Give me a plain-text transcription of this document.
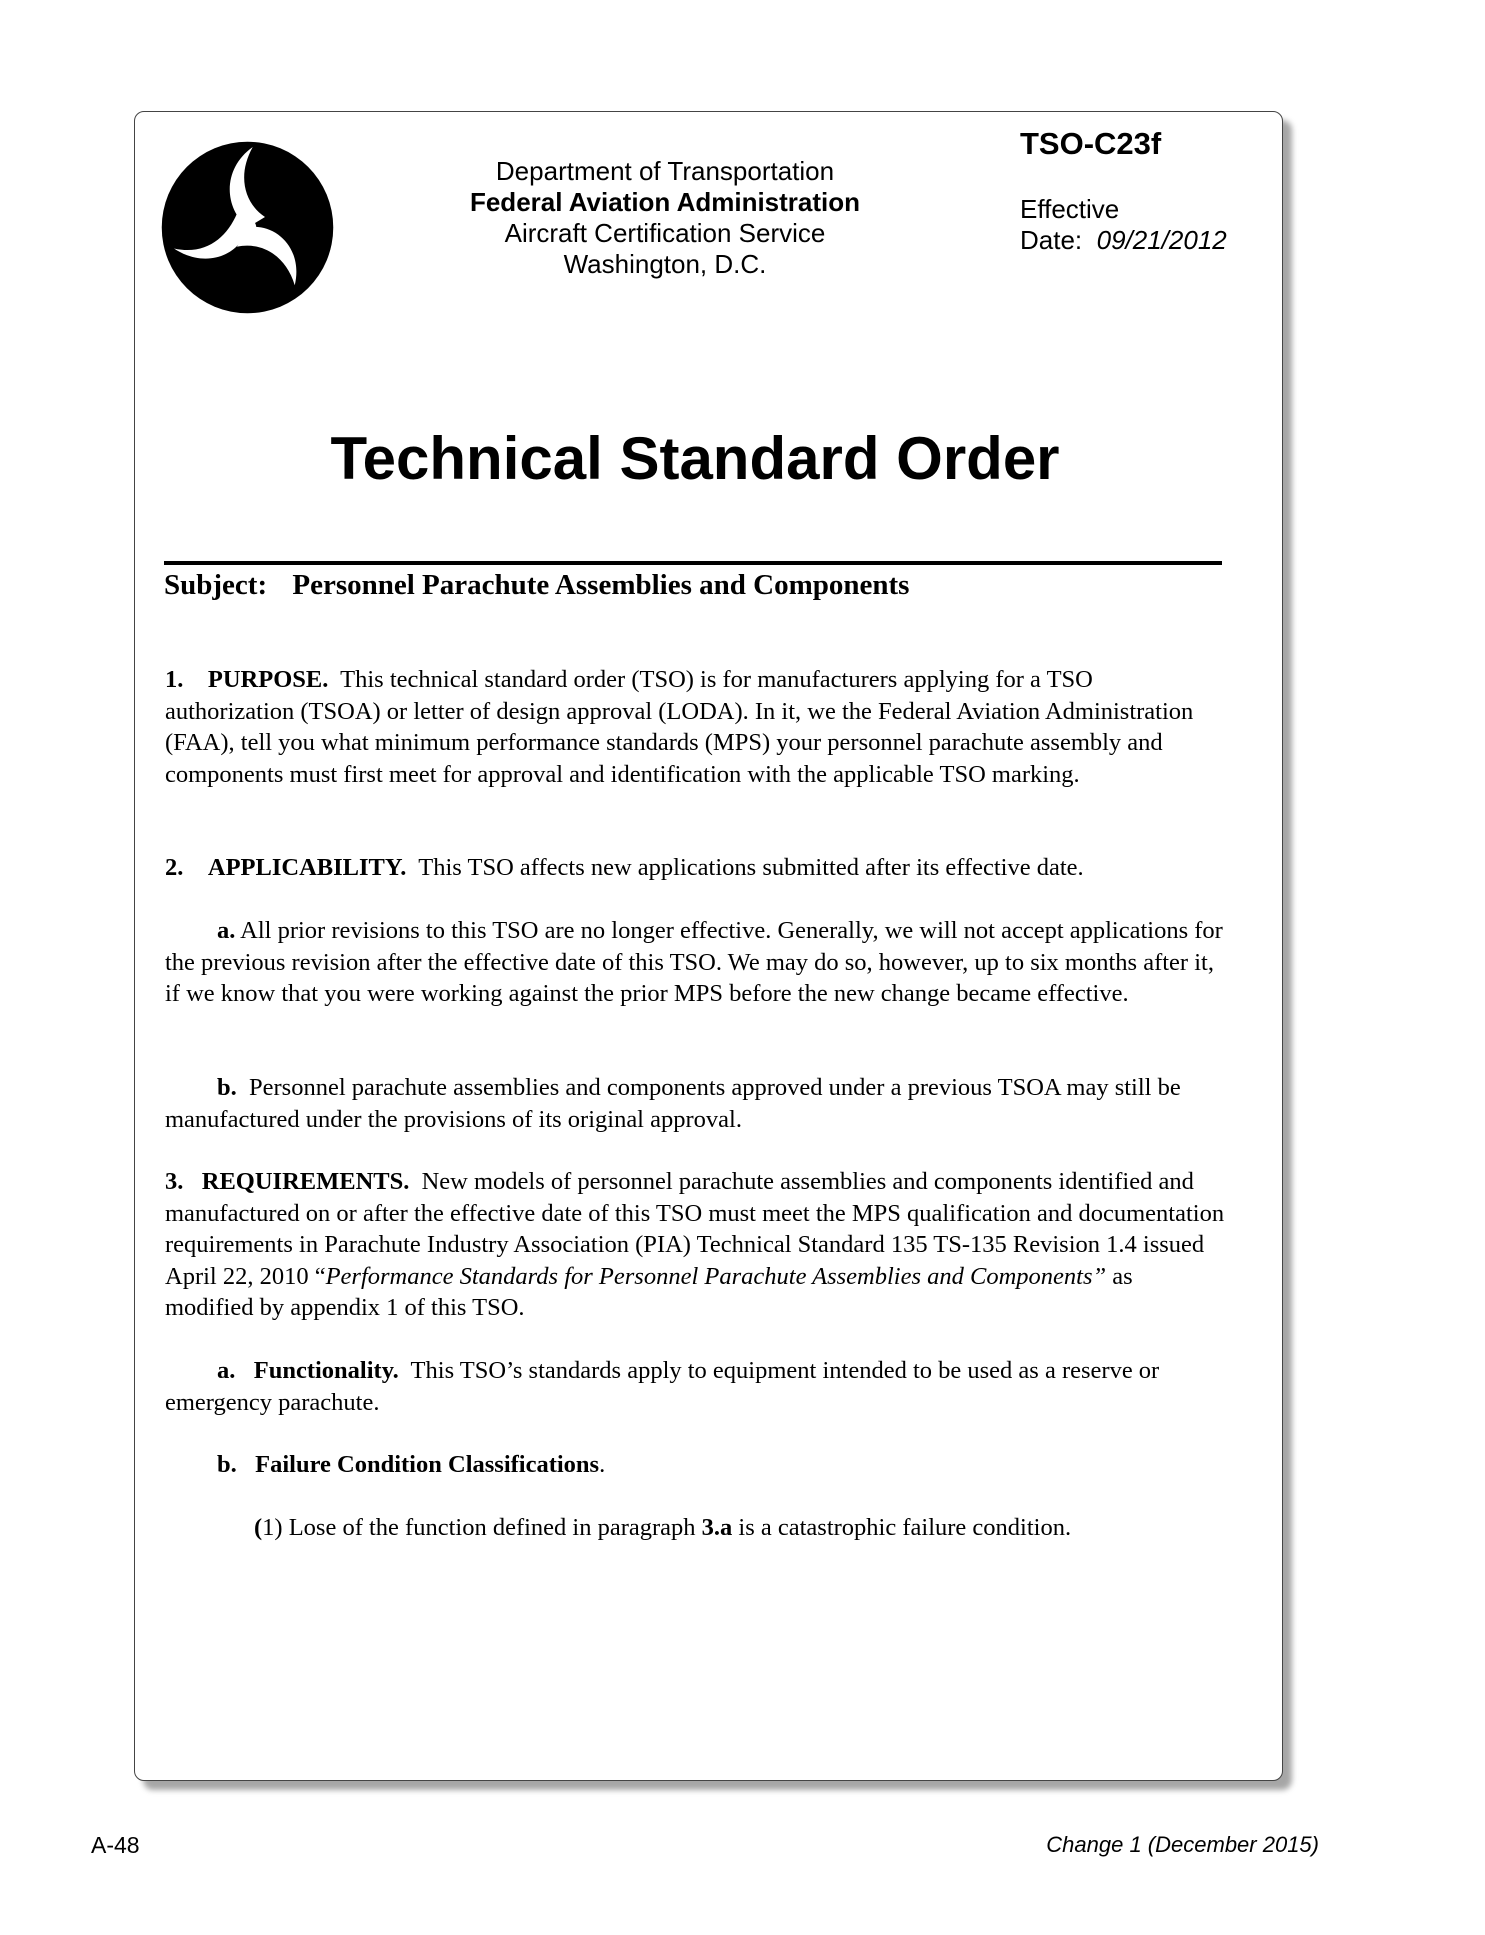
Department of Transportation
Federal Aviation Administration
Aircraft Certification Service
Washington, D.C.
TSO-C23f
Effective
Date: 09/21/2012
Technical Standard Order
Subject: Personnel Parachute Assemblies and Components
1. PURPOSE. This technical standard order (TSO) is for manufacturers applying for a TSO authorization (TSOA) or letter of design approval (LODA). In it, we the Federal Aviation Administration (FAA), tell you what minimum performance standards (MPS) your personnel parachute assembly and components must first meet for approval and identification with the applicable TSO marking.
2. APPLICABILITY. This TSO affects new applications submitted after its effective date.
a. All prior revisions to this TSO are no longer effective. Generally, we will not accept applications for the previous revision after the effective date of this TSO. We may do so, however, up to six months after it, if we know that you were working against the prior MPS before the new change became effective.
b. Personnel parachute assemblies and components approved under a previous TSOA may still be manufactured under the provisions of its original approval.
3. REQUIREMENTS. New models of personnel parachute assemblies and components identified and manufactured on or after the effective date of this TSO must meet the MPS qualification and documentation requirements in Parachute Industry Association (PIA) Technical Standard 135 TS-135 Revision 1.4 issued April 22, 2010 “Performance Standards for Personnel Parachute Assemblies and Components” as modified by appendix 1 of this TSO.
a. Functionality. This TSO’s standards apply to equipment intended to be used as a reserve or emergency parachute.
b. Failure Condition Classifications.
(1) Lose of the function defined in paragraph 3.a is a catastrophic failure condition.
A-48	Change 1 (December 2015)
